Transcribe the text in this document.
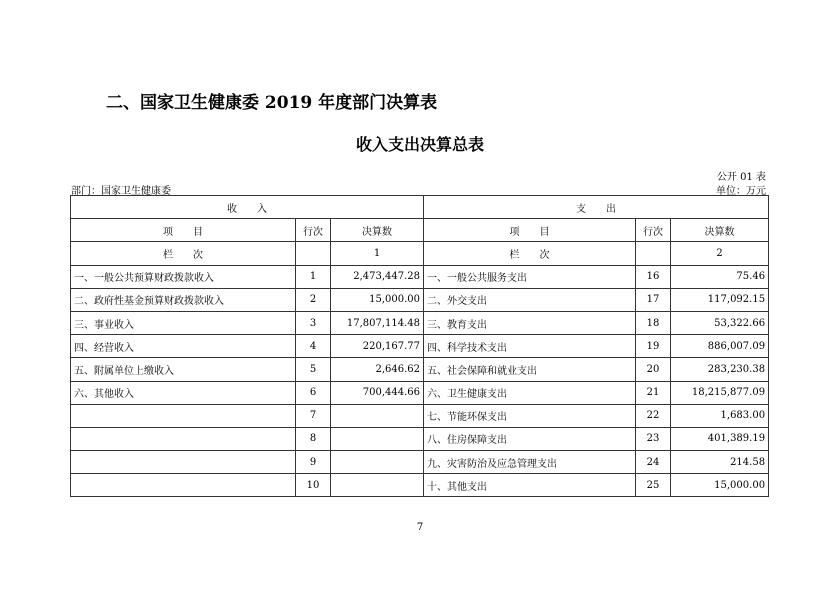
二、国家卫生健康委 2019 年度部门决算表
收入支出决算总表
公开 01 表
部门：国家卫生健康委	单位：万元
收　　入			支　　出		
项　　目	行次	决算数	项　　目	行次	决算数
栏　　次		1	栏　　次		2
一、一般公共预算财政拨款收入	1	2,473,447.28	一、一般公共服务支出	16	75.46
二、政府性基金预算财政拨款收入	2	15,000.00	二、外交支出	17	117,092.15
三、事业收入	3	17,807,114.48	三、教育支出	18	53,322.66
四、经营收入	4	220,167.77	四、科学技术支出	19	886,007.09
五、附属单位上缴收入	5	2,646.62	五、社会保障和就业支出	20	283,230.38
六、其他收入	6	700,444.66	六、卫生健康支出	21	18,215,877.09
	7		七、节能环保支出	22	1,683.00
	8		八、住房保障支出	23	401,389.19
	9		九、灾害防治及应急管理支出	24	214.58
	10		十、其他支出	25	15,000.00
7
